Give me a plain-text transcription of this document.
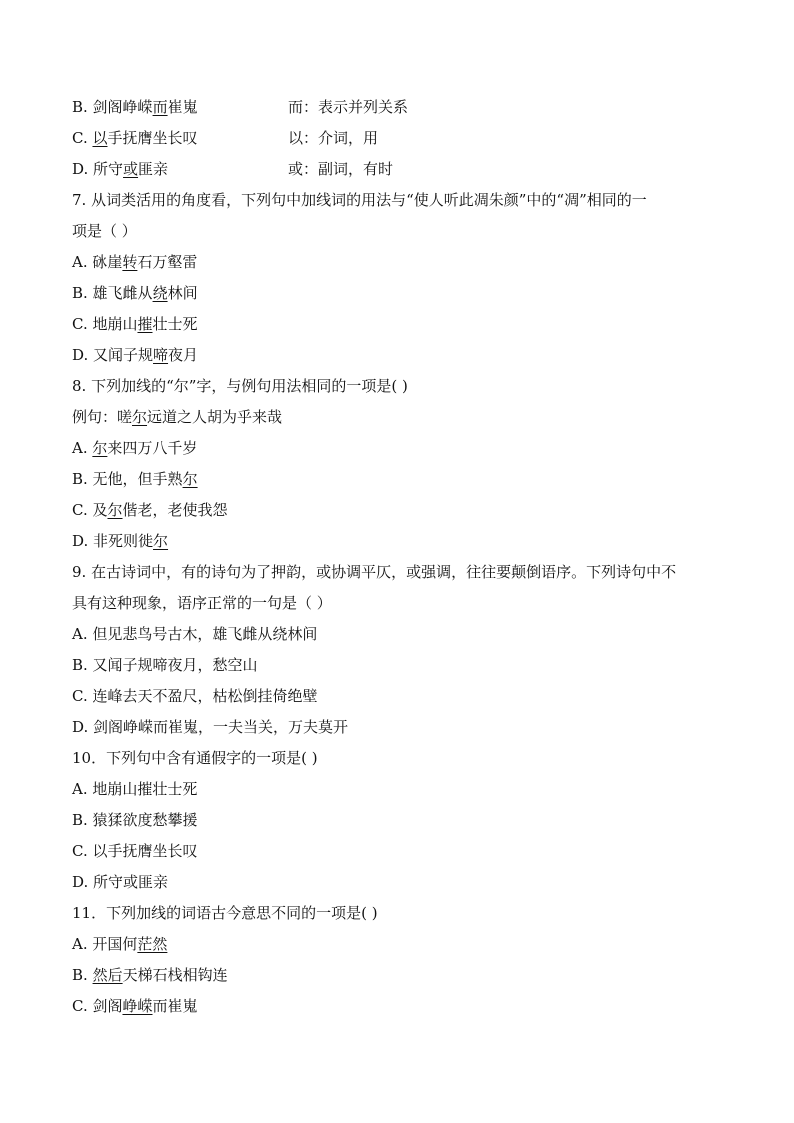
B. 剑阁峥嵘而崔嵬	而：表示并列关系
C. 以手抚膺坐长叹	以：介词，用
D. 所守或匪亲	或：副词，有时
7. 从词类活用的角度看，下列句中加线词的用法与“使人听此凋朱颜”中的“凋”相同的一
项是（ ）
A. 砯崖转石万壑雷
B. 雄飞雌从绕林间
C. 地崩山摧壮士死
D. 又闻子规啼夜月
8. 下列加线的“尔”字，与例句用法相同的一项是( )
例句：嗟尔远道之人胡为乎来哉
A. 尔来四万八千岁
B. 无他，但手熟尔
C. 及尔偕老，老使我怨
D. 非死则徙尔
9. 在古诗词中，有的诗句为了押韵，或协调平仄，或强调，往往要颠倒语序。下列诗句中不
具有这种现象，语序正常的一句是（ ）
A. 但见悲鸟号古木，雄飞雌从绕林间
B. 又闻子规啼夜月，愁空山
C. 连峰去天不盈尺，枯松倒挂倚绝壁
D. 剑阁峥嵘而崔嵬，一夫当关，万夫莫开
10．下列句中含有通假字的一项是( )
A. 地崩山摧壮士死
B. 猿猱欲度愁攀援
C. 以手抚膺坐长叹
D. 所守或匪亲
11．下列加线的词语古今意思不同的一项是( )
A. 开国何茫然
B. 然后天梯石栈相钩连
C. 剑阁峥嵘而崔嵬
